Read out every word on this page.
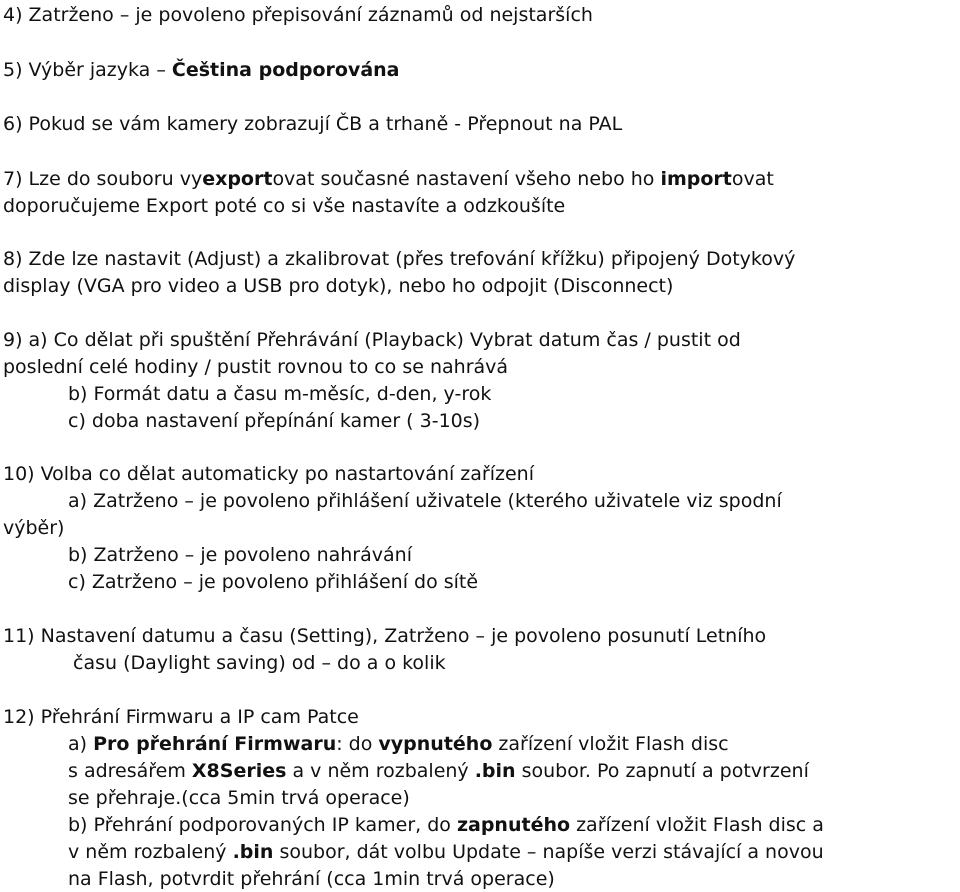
4) Zatrženo – je povoleno přepisování záznamů od nejstarších
5) Výběr jazyka – Čeština podporována
6) Pokud se vám kamery zobrazují ČB a trhaně - Přepnout na PAL
7) Lze do souboru vyexportovat současné nastavení všeho nebo ho importovat
doporučujeme Export poté co si vše nastavíte a odzkoušíte
8) Zde lze nastavit (Adjust) a zkalibrovat (přes trefování křížku) připojený Dotykový
display (VGA pro video a USB pro dotyk), nebo ho odpojit (Disconnect)
9) a) Co dělat při spuštění Přehrávání (Playback) Vybrat datum čas / pustit od
poslední celé hodiny / pustit rovnou to co se nahrává
b) Formát datu a času m-měsíc, d-den, y-rok
c) doba nastavení přepínání kamer ( 3-10s)
10) Volba co dělat automaticky po nastartování zařízení
a) Zatrženo – je povoleno přihlášení uživatele (kterého uživatele viz spodní
výběr)
b) Zatrženo – je povoleno nahrávání
c) Zatrženo – je povoleno přihlášení do sítě
11) Nastavení datumu a času (Setting), Zatrženo – je povoleno posunutí Letního
času (Daylight saving) od – do a o kolik
12) Přehrání Firmwaru a IP cam Patce
a) Pro přehrání Firmwaru: do vypnutého zařízení vložit Flash disc
s adresářem X8Series a v něm rozbalený .bin soubor. Po zapnutí a potvrzení
se přehraje.(cca 5min trvá operace)
b) Přehrání podporovaných IP kamer, do zapnutého zařízení vložit Flash disc a
v něm rozbalený .bin soubor, dát volbu Update – napíše verzi stávající a novou
na Flash, potvrdit přehrání (cca 1min trvá operace)
